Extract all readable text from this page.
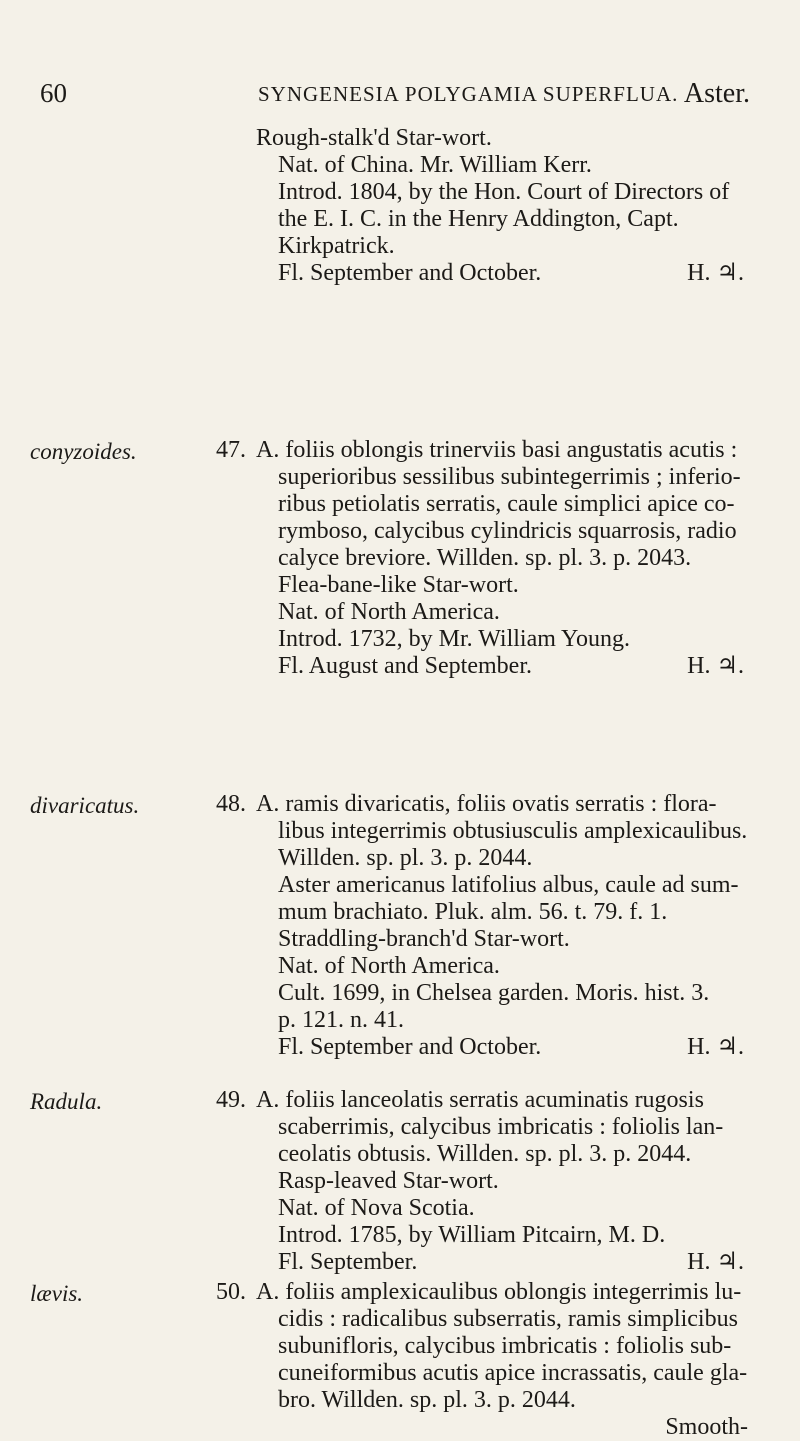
60	SYNGENESIA POLYGAMIA SUPERFLUA. Aster.
Rough-stalk'd Star-wort.
Nat. of China. Mr. William Kerr.
Introd. 1804, by the Hon. Court of Directors of
the E. I. C. in the Henry Addington, Capt.
Kirkpatrick.
Fl. September and October.	H. ♃.
conyzoides.	47. A. foliis oblongis trinerviis basi angustatis acutis :
superioribus sessilibus subintegerrimis ; inferio-
ribus petiolatis serratis, caule simplici apice co-
rymboso, calycibus cylindricis squarrosis, radio
calyce breviore. Willden. sp. pl. 3. p. 2043.
Flea-bane-like Star-wort.
Nat. of North America.
Introd. 1732, by Mr. William Young.
Fl. August and September.	H. ♃.
divaricatus.	48. A. ramis divaricatis, foliis ovatis serratis : flora-
libus integerrimis obtusiusculis amplexicaulibus.
Willden. sp. pl. 3. p. 2044.
Aster americanus latifolius albus, caule ad sum-
mum brachiato. Pluk. alm. 56. t. 79. f. 1.
Straddling-branch'd Star-wort.
Nat. of North America.
Cult. 1699, in Chelsea garden. Moris. hist. 3.
p. 121. n. 41.
Fl. September and October.	H. ♃.
Radula.	49. A. foliis lanceolatis serratis acuminatis rugosis
scaberrimis, calycibus imbricatis : foliolis lan-
ceolatis obtusis. Willden. sp. pl. 3. p. 2044.
Rasp-leaved Star-wort.
Nat. of Nova Scotia.
Introd. 1785, by William Pitcairn, M. D.
Fl. September.	H. ♃.
lævis.	50. A. foliis amplexicaulibus oblongis integerrimis lu-
cidis : radicalibus subserratis, ramis simplicibus
subunifloris, calycibus imbricatis : foliolis sub-
cuneiformibus acutis apice incrassatis, caule gla-
bro. Willden. sp. pl. 3. p. 2044.
Smooth-
